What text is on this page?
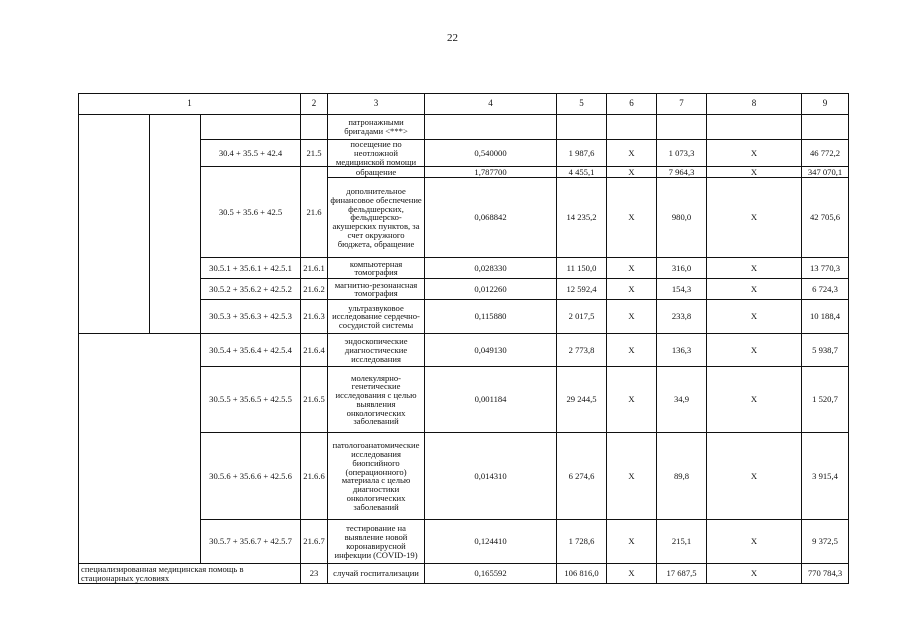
22
1			2	3	4	5	6	7	8	9	
				патронажными бригадами <***>							
		30.4 + 35.5 + 42.4	21.5	посещение по неотложной медицинской помощи	0,540000	1 987,6	Х	1 073,3	Х	46 772,2	
		30.5 + 35.6 + 42.5	21.6	обращение	1,787700	4 455,1	Х	7 964,3	Х	347 070,1	
				дополнительное финансовое обеспечение фельдшерских, фельдшерско-акушерских пунктов, за счет окружного бюджета, обращение	0,068842	14 235,2	Х	980,0	Х	42 705,6	
		30.5.1 + 35.6.1 + 42.5.1	21.6.1	компьютерная томография	0,028330	11 150,0	Х	316,0	Х	13 770,3	
		30.5.2 + 35.6.2 + 42.5.2	21.6.2	магнитно-резонансная томография	0,012260	12 592,4	Х	154,3	Х	6 724,3	
		30.5.3 + 35.6.3 + 42.5.3	21.6.3	ультразвуковое исследование сердечно-сосудистой системы	0,115880	2 017,5	Х	233,8	Х	10 188,4	
		30.5.4 + 35.6.4 + 42.5.4	21.6.4	эндоскопические диагностические исследования	0,049130	2 773,8	Х	136,3	Х	5 938,7	
		30.5.5 + 35.6.5 + 42.5.5	21.6.5	молекулярно-генетические исследования с целью выявления онкологических заболеваний	0,001184	29 244,5	Х	34,9	Х	1 520,7	
		30.5.6 + 35.6.6 + 42.5.6	21.6.6	патологоанатомические исследования биопсийного (операционного) материала с целью диагностики онкологических заболеваний	0,014310	6 274,6	Х	89,8	Х	3 915,4	
		30.5.7 + 35.6.7 + 42.5.7	21.6.7	тестирование на выявление новой коронавирусной инфекции (COVID-19)	0,124410	1 728,6	Х	215,1	Х	9 372,5	
специализированная медицинская помощь в стационарных условиях			23	случай госпитализации	0,165592	106 816,0	Х	17 687,5	Х	770 784,3	
